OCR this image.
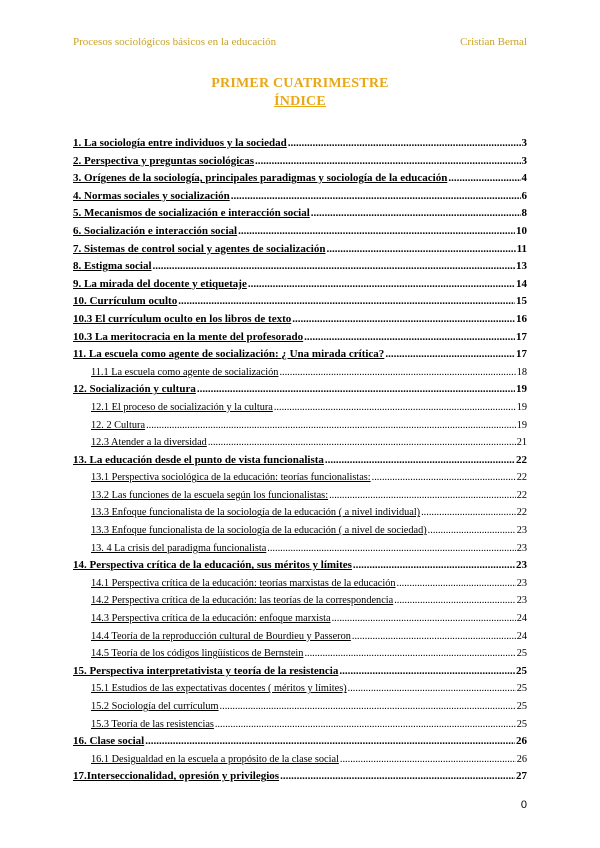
Procesos sociológicos básicos en la educación	Cristian Bernal
PRIMER CUATRIMESTRE
ÍNDICE
1. La sociología entre individuos y la sociedad .....	3
2. Perspectiva y preguntas sociológicas .....	3
3. Orígenes de la sociología, principales paradigmas y sociología de la educación .....	4
4. Normas sociales y socialización .....	6
5. Mecanismos de socialización e interacción social .....	8
6. Socialización e interacción social .....	10
7. Sistemas de control social y agentes de socialización .....	11
8. Estigma social .....	13
9. La mirada del docente y etiquetaje .....	14
10. Currículum oculto .....	15
10.3 El currículum oculto en los libros de texto .....	16
10.3 La meritocracia en la mente del profesorado .....	17
11. La escuela como agente de socialización: ¿ Una mirada crítica? .....	17
11.1 La escuela como agente de socialización .....	18
12. Socialización y cultura .....	19
12.1 El proceso de socialización y la cultura .....	19
12. 2 Cultura .....	19
12.3 Atender a la diversidad .....	21
13. La educación desde el punto de vista funcionalista .....	22
13.1 Perspectiva sociológica de la educación: teorías funcionalistas: .....	22
13.2 Las funciones de la escuela según los funcionalistas: .....	22
13.3 Enfoque funcionalista de la sociología de la educación ( a nivel individual) .....	22
13.3 Enfoque funcionalista de la sociología de la educación ( a nivel de sociedad) .....	23
13. 4 La crisis del paradigma funcionalista .....	23
14. Perspectiva crítica de la educación, sus méritos y límites .....	23
14.1 Perspectiva crítica de la educación: teorías marxistas de la educación .....	23
14.2 Perspectiva crítica de la educación: las teorías de la correspondencia .....	23
14.3 Perspectiva crítica de la educación: enfoque marxista .....	24
14.4 Teoría de la reproducción cultural de Bourdieu y Passeron .....	24
14.5 Teoría de los códigos lingüísticos de Bernstein .....	25
15. Perspectiva interpretativista y teoría de la resistencia .....	25
15.1 Estudios de las expectativas docentes ( méritos y límites) .....	25
15.2 Sociología del currículum .....	25
15.3 Teoría de las resistencias .....	25
16. Clase social .....	26
16.1 Desigualdad en la escuela a propósito de la clase social .....	26
17.Interseccionalidad, opresión y privilegios .....	27
0
